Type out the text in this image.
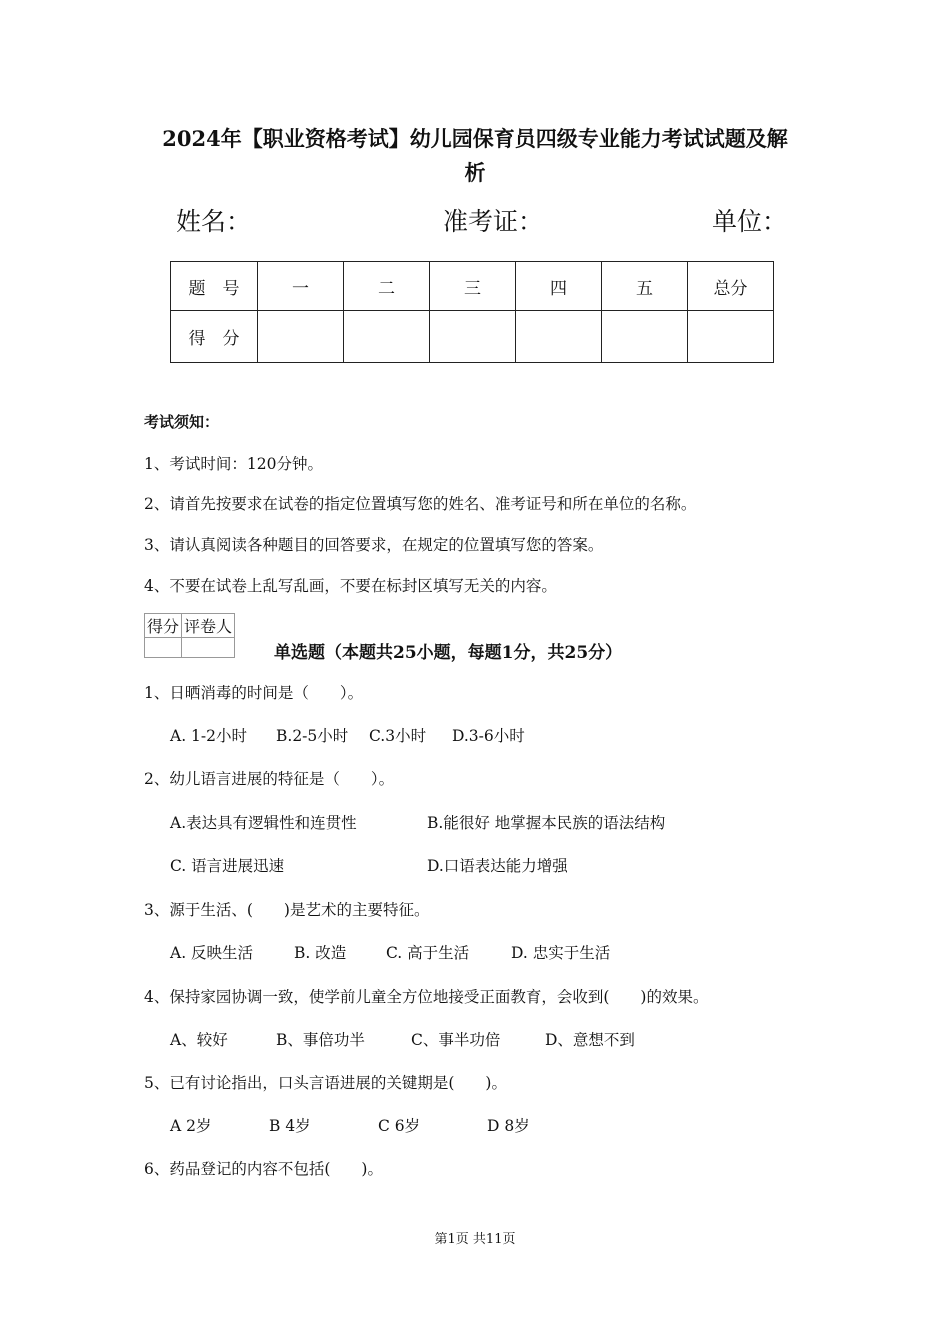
2024年【职业资格考试】幼儿园保育员四级专业能力考试试题及解
析
姓名：	准考证：	单位：
题　号	一	二	三	四	五	总分
得　分						
考试须知：
1、考试时间：120分钟。
2、请首先按要求在试卷的指定位置填写您的姓名、准考证号和所在单位的名称。
3、请认真阅读各种题目的回答要求，在规定的位置填写您的答案。
4、不要在试卷上乱写乱画，不要在标封区填写无关的内容。
得分	评卷人

单选题（本题共25小题，每题1分，共25分）
1、日晒消毒的时间是（　　）。
A. 1-2小时 B.2-5小时 C.3小时 D.3-6小时
2、幼儿语言进展的特征是（　　）。
A.表达具有逻辑性和连贯性	B.能很好 地掌握本民族的语法结构
C. 语言进展迅速	D.口语表达能力增强
3、源于生活、(　　)是艺术的主要特征。
A. 反映生活	B. 改造	C. 高于生活	D. 忠实于生活
4、保持家园协调一致，使学前儿童全方位地接受正面教育，会收到(　　)的效果。
A、较好	B、事倍功半	C、事半功倍	D、意想不到
5、已有讨论指出，口头言语进展的关键期是(　　)。
A 2岁	B 4岁	C 6岁	D 8岁
6、药品登记的内容不包括(　　)。
第1页 共11页
